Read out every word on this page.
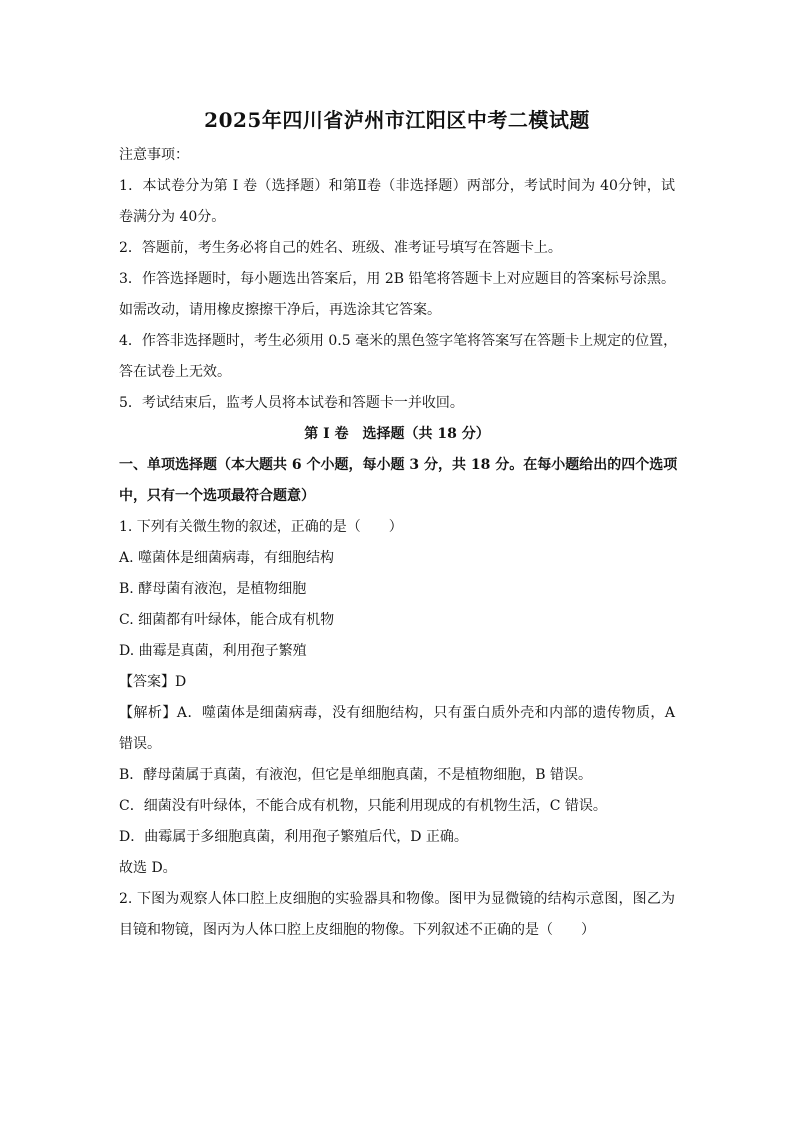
2025年四川省泸州市江阳区中考二模试题
注意事项：
1．本试卷分为第 I 卷（选择题）和第Ⅱ卷（非选择题）两部分，考试时间为 40分钟，试
卷满分为 40分。
2．答题前，考生务必将自己的姓名、班级、准考证号填写在答题卡上。
3．作答选择题时，每小题选出答案后，用 2B 铅笔将答题卡上对应题目的答案标号涂黑。
如需改动，请用橡皮擦擦干净后，再选涂其它答案。
4．作答非选择题时，考生必须用 0.5 毫米的黑色签字笔将答案写在答题卡上规定的位置，
答在试卷上无效。
5．考试结束后，监考人员将本试卷和答题卡一并收回。
第 I 卷　选择题（共 18 分）
一、单项选择题（本大题共 6 个小题，每小题 3 分，共 18 分。在每小题给出的四个选项
中，只有一个选项最符合题意）
1. 下列有关微生物的叙述，正确的是（　　）
A. 噬菌体是细菌病毒，有细胞结构
B. 酵母菌有液泡，是植物细胞
C. 细菌都有叶绿体，能合成有机物
D. 曲霉是真菌，利用孢子繁殖
【答案】D
【解析】A．噬菌体是细菌病毒，没有细胞结构，只有蛋白质外壳和内部的遗传物质，A
错误。
B．酵母菌属于真菌，有液泡，但它是单细胞真菌，不是植物细胞，B 错误。
C．细菌没有叶绿体，不能合成有机物，只能利用现成的有机物生活，C 错误。
D．曲霉属于多细胞真菌，利用孢子繁殖后代，D 正确。
故选 D。
2. 下图为观察人体口腔上皮细胞的实验器具和物像。图甲为显微镜的结构示意图，图乙为
目镜和物镜，图丙为人体口腔上皮细胞的物像。下列叙述不正确的是（　　）
